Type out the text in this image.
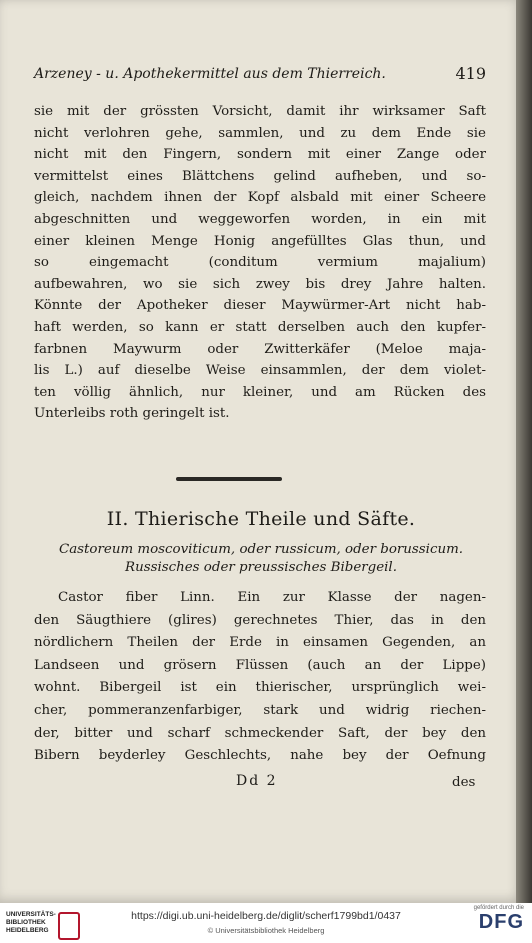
Arzeney - u. Apothekermittel aus dem Thierreich.	419
sie mit der grössten Vorsicht, damit ihr wirksamer Saft
nicht verlohren gehe, sammlen, und zu dem Ende sie
nicht mit den Fingern, sondern mit einer Zange oder
vermittelst eines Blättchens gelind aufheben, und so-
gleich, nachdem ihnen der Kopf alsbald mit einer Scheere
abgeschnitten und weggeworfen worden, in ein mit
einer kleinen Menge Honig angefülltes Glas thun, und
so eingemacht (conditum vermium majalium)
aufbewahren, wo sie sich zwey bis drey Jahre halten.
Könnte der Apotheker dieser Maywürmer-Art nicht hab-
haft werden, so kann er statt derselben auch den kupfer-
farbnen Maywurm oder Zwitterkäfer (Meloe maja-
lis L.) auf dieselbe Weise einsammlen, der dem violet-
ten völlig ähnlich, nur kleiner, und am Rücken des
Unterleibs roth geringelt ist.
II. Thierische Theile und Säfte.
Castoreum moscoviticum, oder russicum, oder borussicum.
Russisches oder preussisches Bibergeil.
Castor fiber Linn. Ein zur Klasse der nagen-
den Säugthiere (glires) gerechnetes Thier, das in den
nördlichern Theilen der Erde in einsamen Gegenden, an
Landseen und grösern Flüssen (auch an der Lippe)
wohnt. Bibergeil ist ein thierischer, ursprünglich wei-
cher, pommeranzenfarbiger, stark und widrig riechen-
der, bitter und scharf schmeckender Saft, der bey den
Bibern beyderley Geschlechts, nahe bey der Oefnung
Dd 2	des
UNIVERSITÄTS-
BIBLIOTHEK
HEIDELBERG
https://digi.ub.uni-heidelberg.de/diglit/scherf1799bd1/0437
© Universitätsbibliothek Heidelberg
gefördert durch die
DFG
